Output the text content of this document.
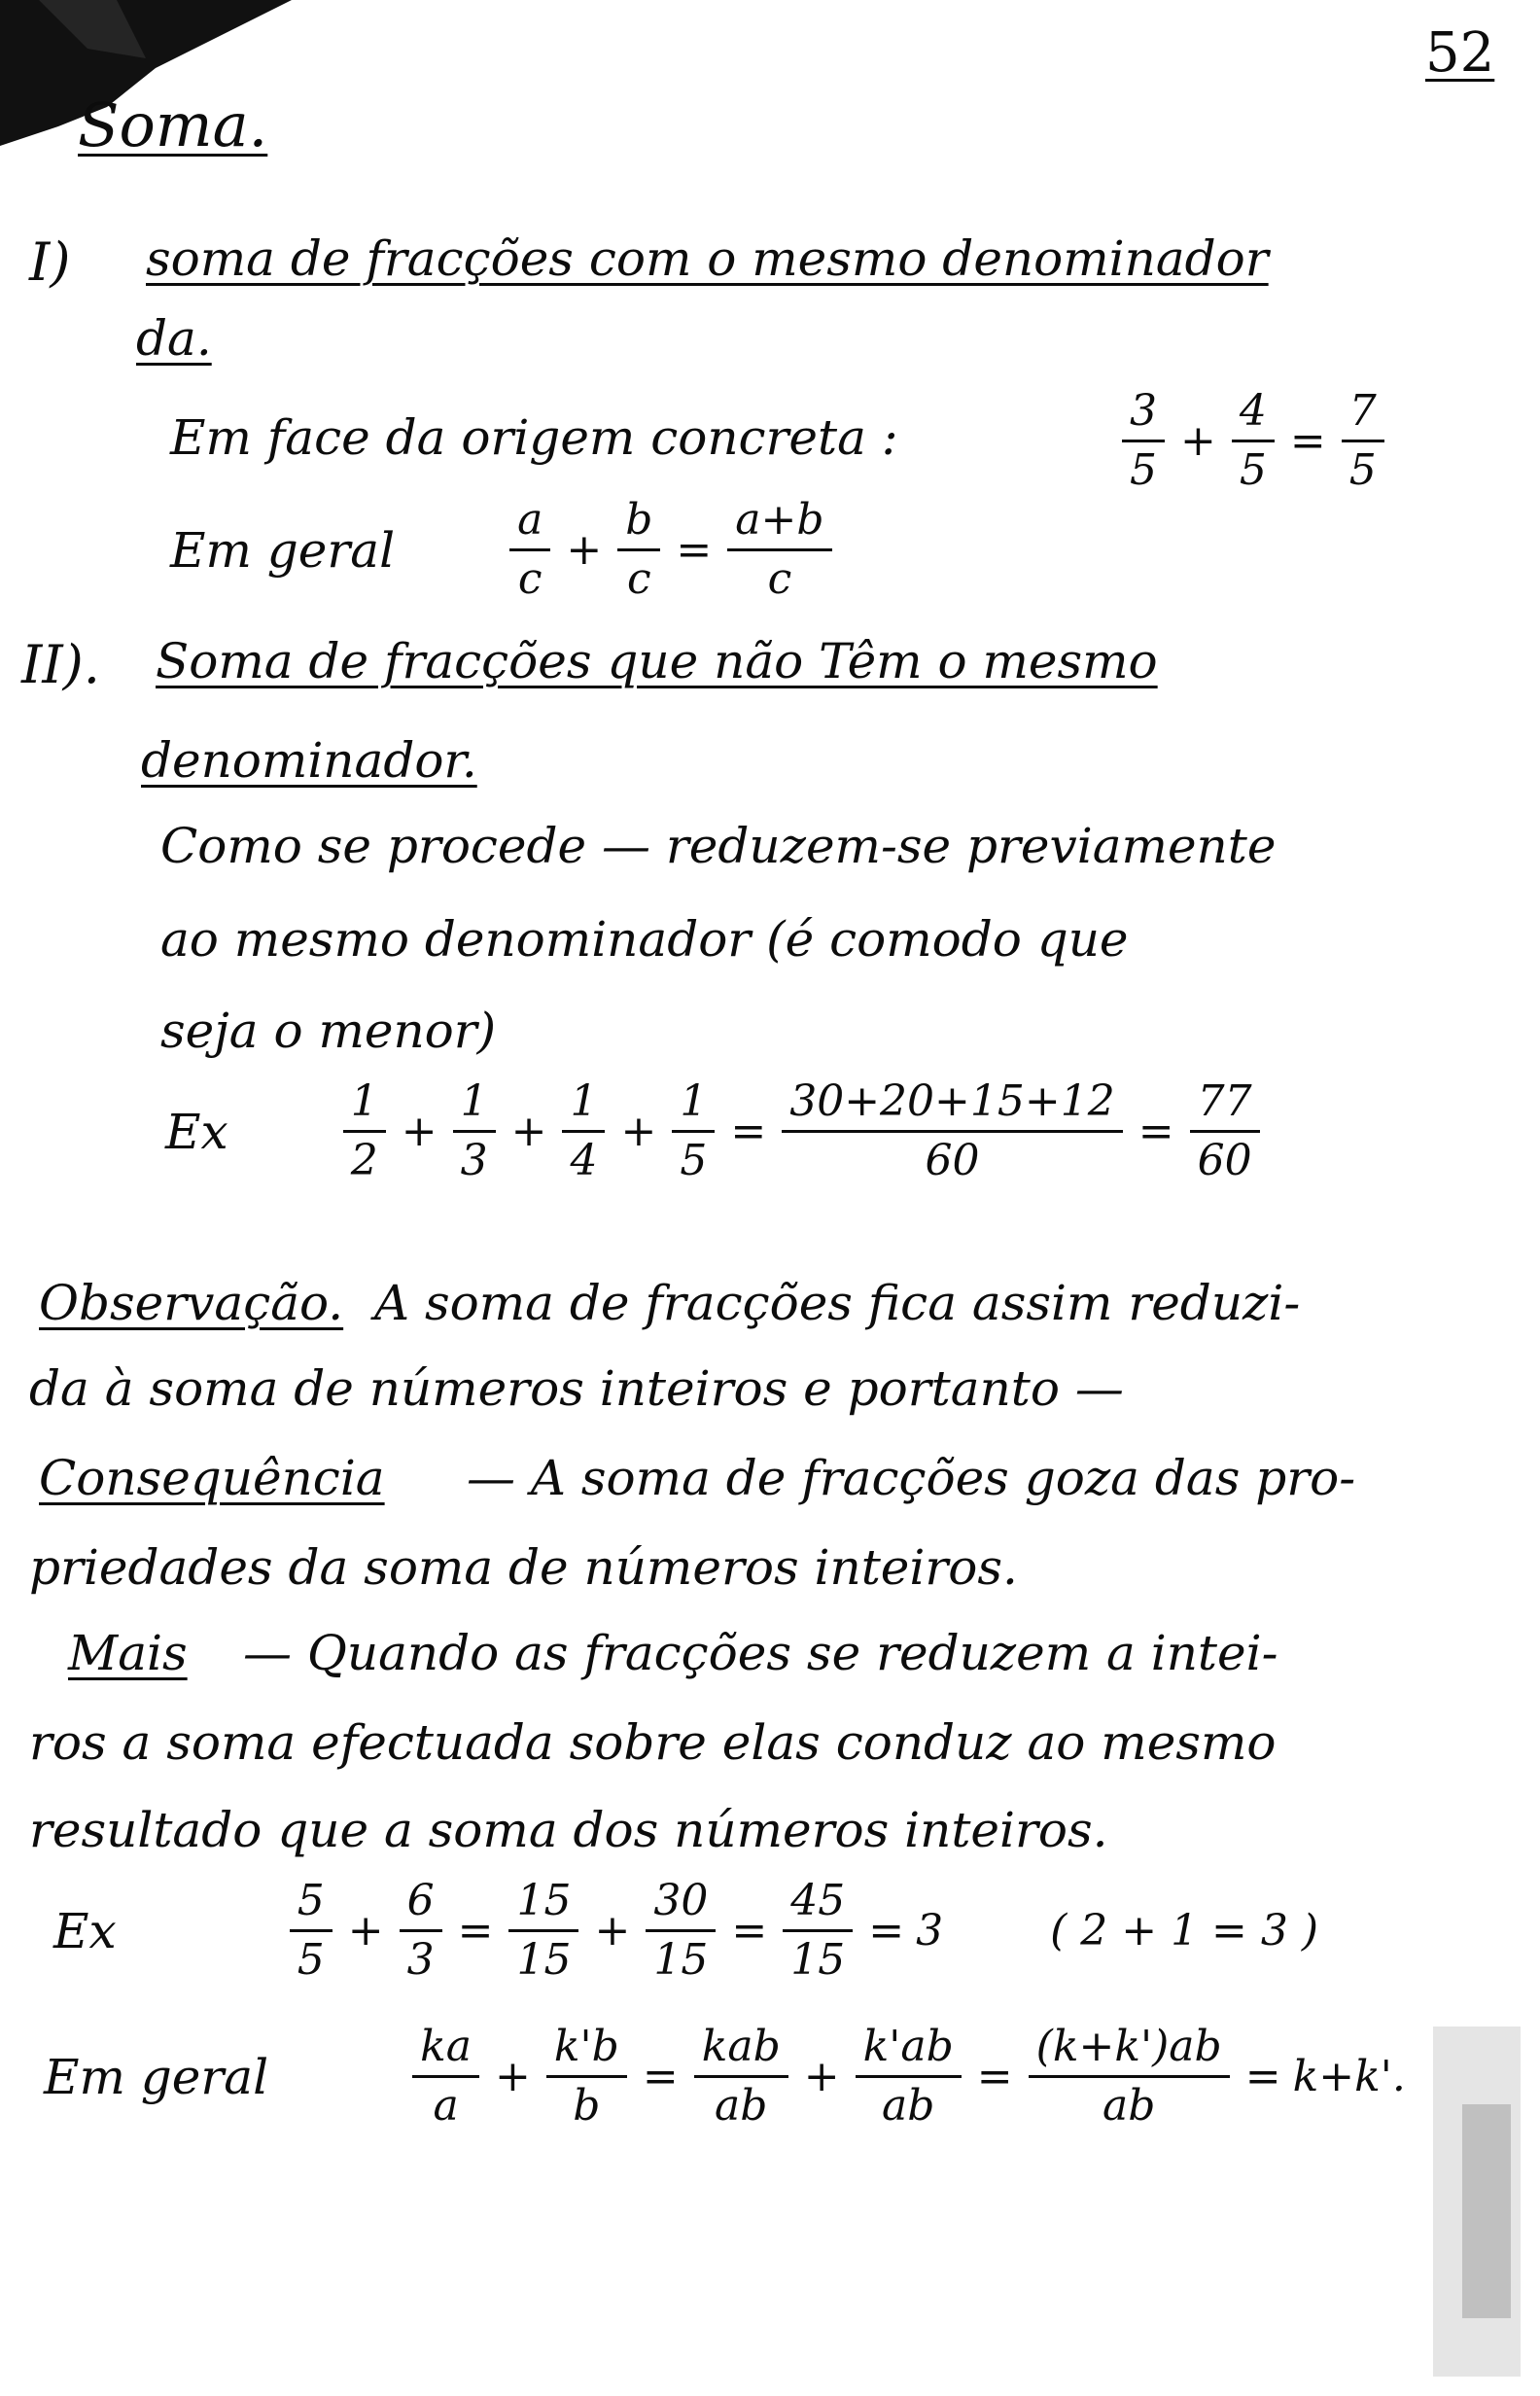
52
Soma.
I) soma de fracções com o mesmo denominador
da.
Em face da origem concreta :	$\frac{3}{5} + \frac{4}{5} = \frac{7}{5}$
Em geral	$\frac{a}{c} + \frac{b}{c} = \frac{a+b}{c}$
II). Soma de fracções que não Têm o mesmo
denominador.
Como se procede — reduzem-se previamente
ao mesmo denominador (é comodo que
seja o menor)
Ex	$\frac{1}{2} + \frac{1}{3} + \frac{1}{4} + \frac{1}{5} = \frac{30+20+15+12}{60} = \frac{77}{60}$
Observação. A soma de fracções fica assim reduzi-
da à soma de números inteiros e portanto —
Consequência — A soma de fracções goza das pro-
priedades da soma de números inteiros.
Mais — Quando as fracções se reduzem a intei-
ros a soma efectuada sobre elas conduz ao mesmo
resultado que a soma dos números inteiros.
Ex	$\frac{5}{5} + \frac{6}{3} = \frac{15}{15} + \frac{30}{15} = \frac{45}{15} = 3$	( 2 + 1 = 3 )
Em geral	$\frac{ka}{a} + \frac{k'b}{b} = \frac{\text{kab}}{ab} + \frac{k'ab}{ab} = \frac{(k+k')ab}{ab} = k+k'$.
